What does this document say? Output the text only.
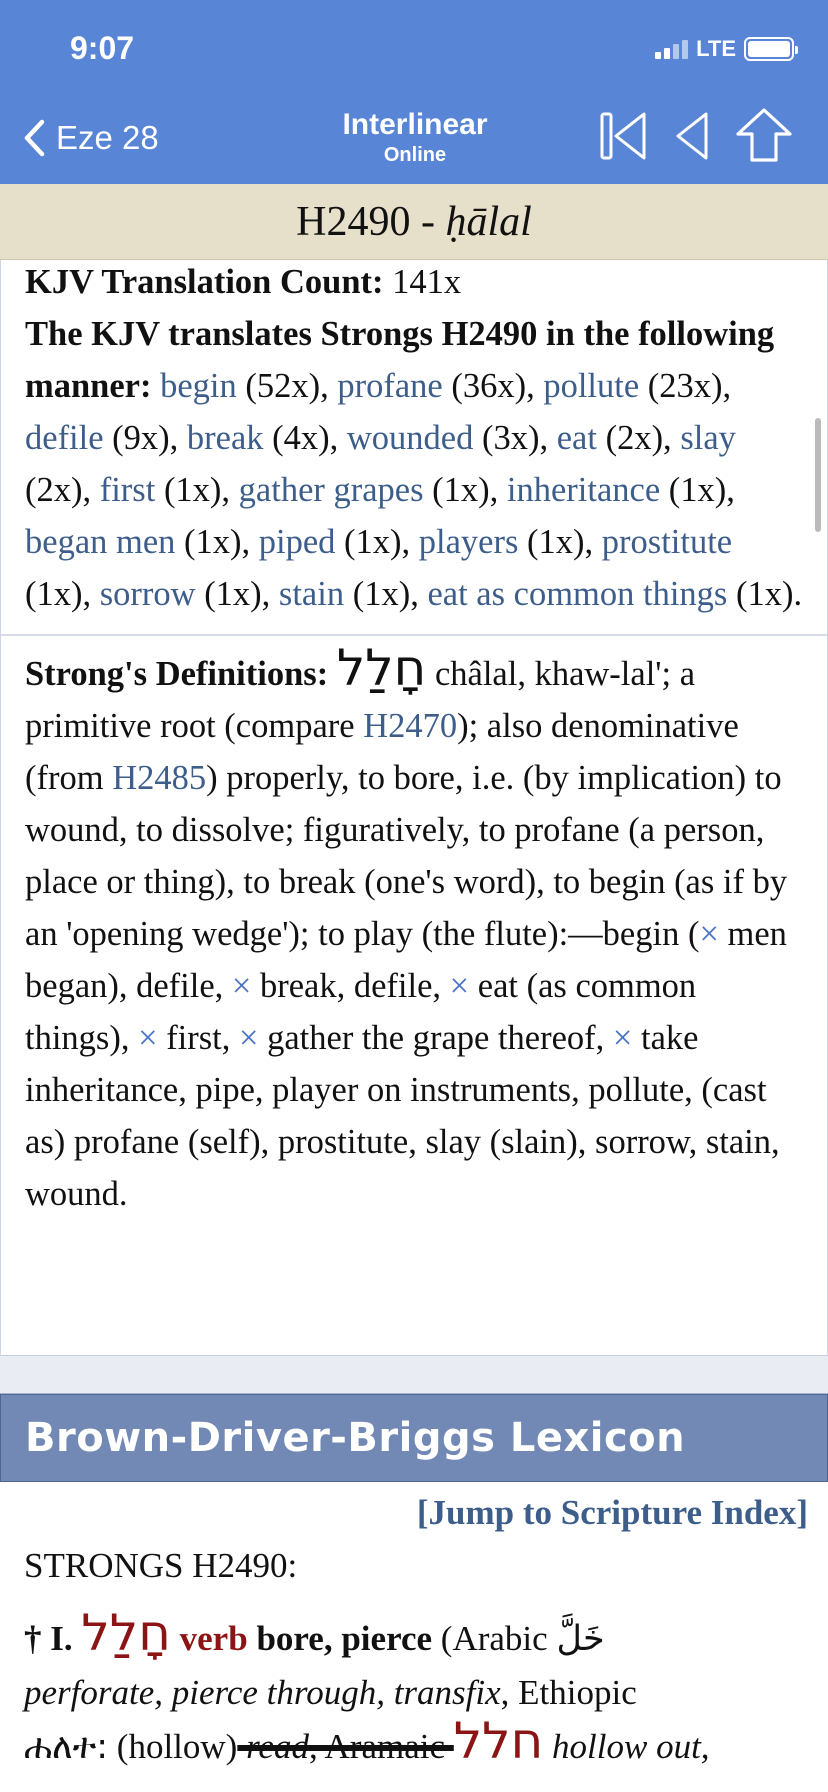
9:07	LTE
Eze 28	Interlinear
Online
H2490 -
ḥālal
KJV Translation Count: 141x
The KJV translates Strongs H2490 in the following manner: begin (52x), profane (36x), pollute (23x), defile (9x), break (4x), wounded (3x), eat (2x), slay (2x), first (1x), gather grapes (1x), inheritance (1x), began men (1x), piped (1x), players (1x), prostitute (1x), sorrow (1x), stain (1x), eat as common things (1x).
Strong's Definitions: חָלַל châlal, khaw-lal'; a primitive root (compare H2470); also denominative (from H2485) properly, to bore, i.e. (by implication) to wound, to dissolve; figuratively, to profane (a person, place or thing), to break (one's word), to begin (as if by an 'opening wedge'); to play (the flute):—begin (× men began), defile, × break, defile, × eat (as common things), × first, × gather the grape thereof, × take inheritance, pipe, player on instruments, pollute, (cast as) profane (self), prostitute, slay (slain), sorrow, stain, wound.
Brown-Driver-Briggs Lexicon
[Jump to Scripture Index]
STRONGS H2490:
† I. חָלַל verb bore, pierce (Arabic خَلَّ
perforate, pierce through, transfix, Ethiopic
ሐለተ: (hollow) read, Aramaic חלל hollow out,
